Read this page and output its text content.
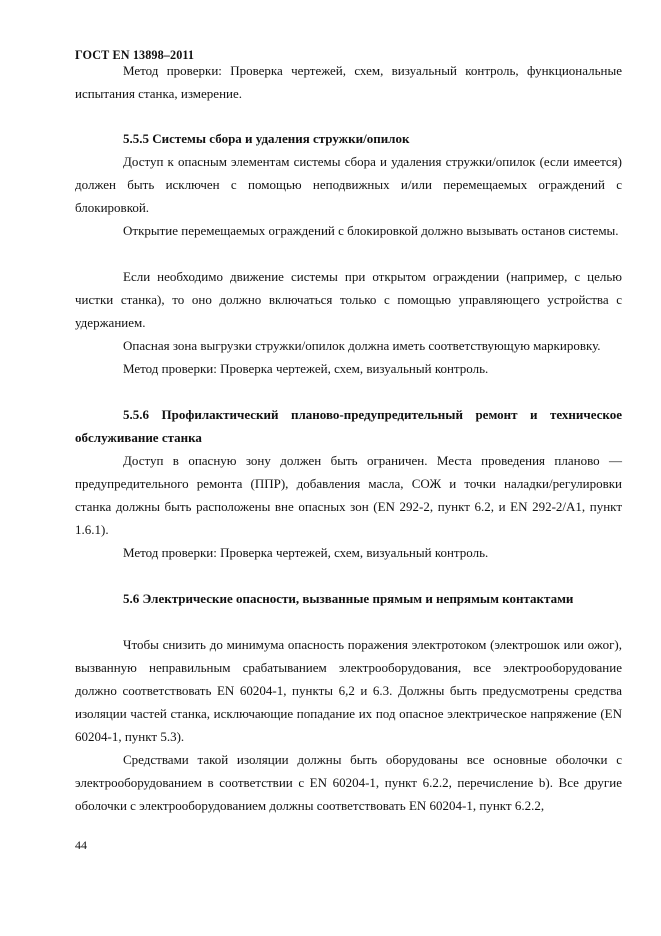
ГОСТ EN 13898–2011

Метод проверки: Проверка чертежей, схем, визуальный контроль, функциональные испытания станка, измерение.

5.5.5 Системы сбора и удаления стружки/опилок

Доступ к опасным элементам системы сбора и удаления стружки/опилок (если имеется) должен быть исключен с помощью неподвижных и/или перемещаемых ограждений с блокировкой.

Открытие перемещаемых ограждений с блокировкой должно вызывать останов системы.

Если необходимо движение системы при открытом ограждении (например, с целью чистки станка), то оно должно включаться только с помощью управляющего устройства с удержанием.

Опасная зона выгрузки стружки/опилок должна иметь соответствующую маркировку.

Метод проверки: Проверка чертежей, схем, визуальный контроль.

5.5.6 Профилактический планово-предупредительный ремонт и техническое обслуживание станка

Доступ в опасную зону должен быть ограничен. Места проведения планово — предупредительного ремонта (ППР), добавления масла, СОЖ и точки наладки/регулировки станка должны быть расположены вне опасных зон (EN 292-2, пункт 6.2, и EN 292-2/A1, пункт 1.6.1).

Метод проверки: Проверка чертежей, схем, визуальный контроль.

5.6 Электрические опасности, вызванные прямым и непрямым контактами

Чтобы снизить до минимума опасность поражения электротоком (электрошок или ожог), вызванную неправильным срабатыванием электрооборудования, все электрооборудование должно соответствовать EN 60204-1, пункты 6,2 и 6.3. Должны быть предусмотрены средства изоляции частей станка, исключающие попадание их под опасное электрическое напряжение (EN 60204-1, пункт 5.3).

Средствами такой изоляции должны быть оборудованы все основные оболочки с электрооборудованием в соответствии с EN 60204-1, пункт 6.2.2, перечисление b). Все другие оболочки с электрооборудованием должны соответствовать EN 60204-1, пункт 6.2.2,

44
